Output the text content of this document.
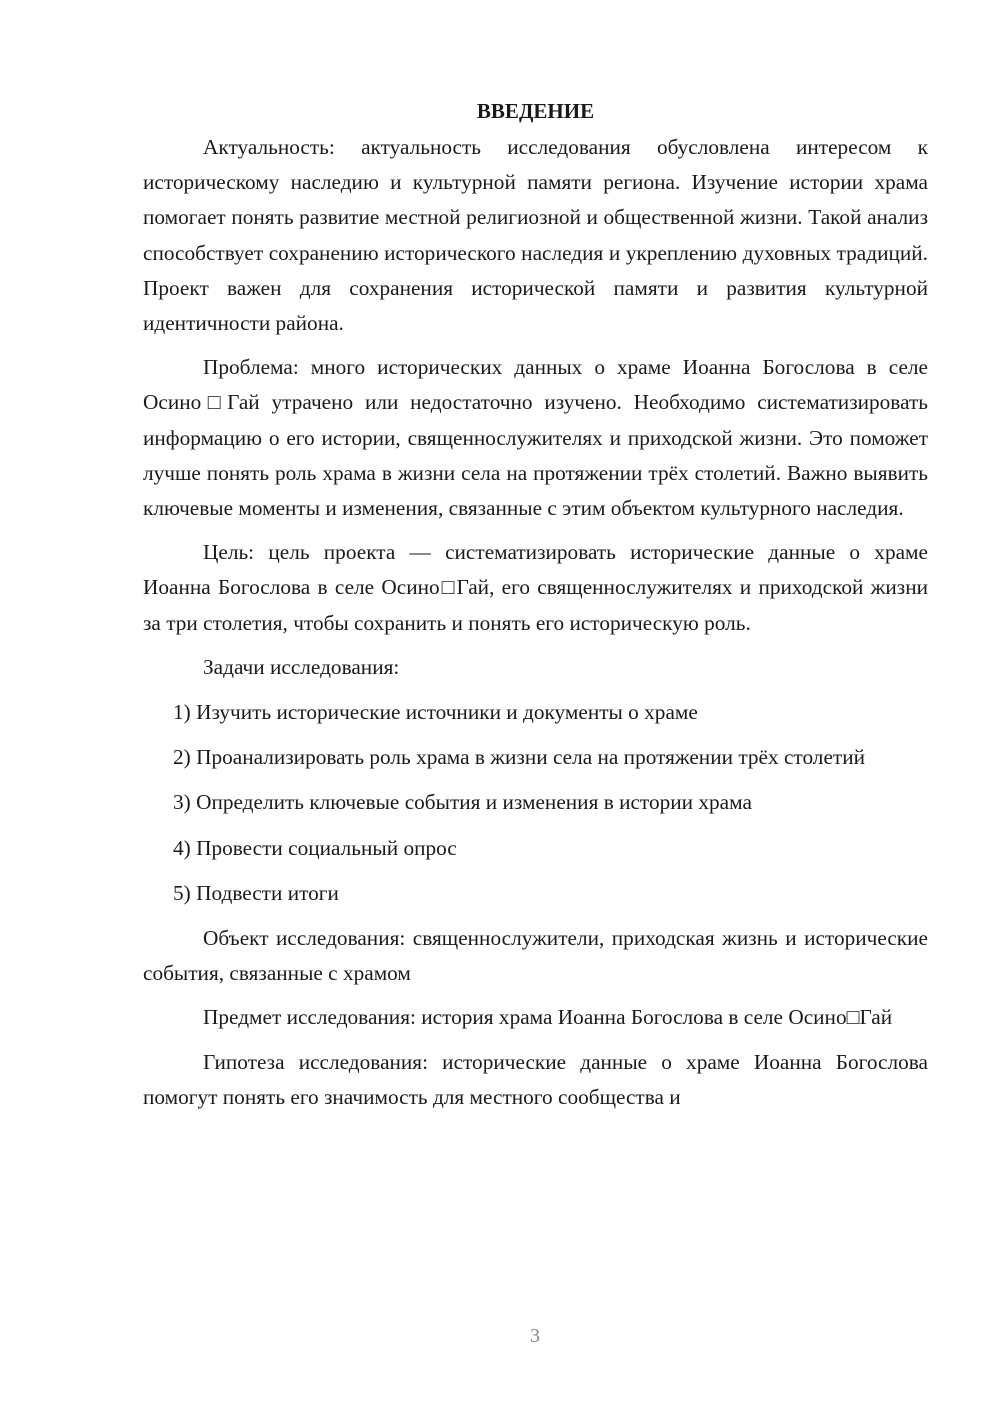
ВВЕДЕНИЕ

Актуальность: актуальность исследования обусловлена интересом к историческому наследию и культурной памяти региона. Изучение истории храма помогает понять развитие местной религиозной и общественной жизни. Такой анализ способствует сохранению исторического наследия и укреплению духовных традиций. Проект важен для сохранения исторической памяти и развития культурной идентичности района.

Проблема: много исторических данных о храме Иоанна Богослова в селе Осино□Гай утрачено или недостаточно изучено. Необходимо систематизировать информацию о его истории, священнослужителях и приходской жизни. Это поможет лучше понять роль храма в жизни села на протяжении трёх столетий. Важно выявить ключевые моменты и изменения, связанные с этим объектом культурного наследия.

Цель: цель проекта — систематизировать исторические данные о храме Иоанна Богослова в селе Осино□Гай, его священнослужителях и приходской жизни за три столетия, чтобы сохранить и понять его историческую роль.

Задачи исследования:

1) Изучить исторические источники и документы о храме

2) Проанализировать роль храма в жизни села на протяжении трёх столетий

3) Определить ключевые события и изменения в истории храма

4) Провести социальный опрос

5) Подвести итоги

Объект исследования: священнослужители, приходская жизнь и исторические события, связанные с храмом

Предмет исследования: история храма Иоанна Богослова в селе Осино□Гай

Гипотеза исследования: исторические данные о храме Иоанна Богослова помогут понять его значимость для местного сообщества и

3
